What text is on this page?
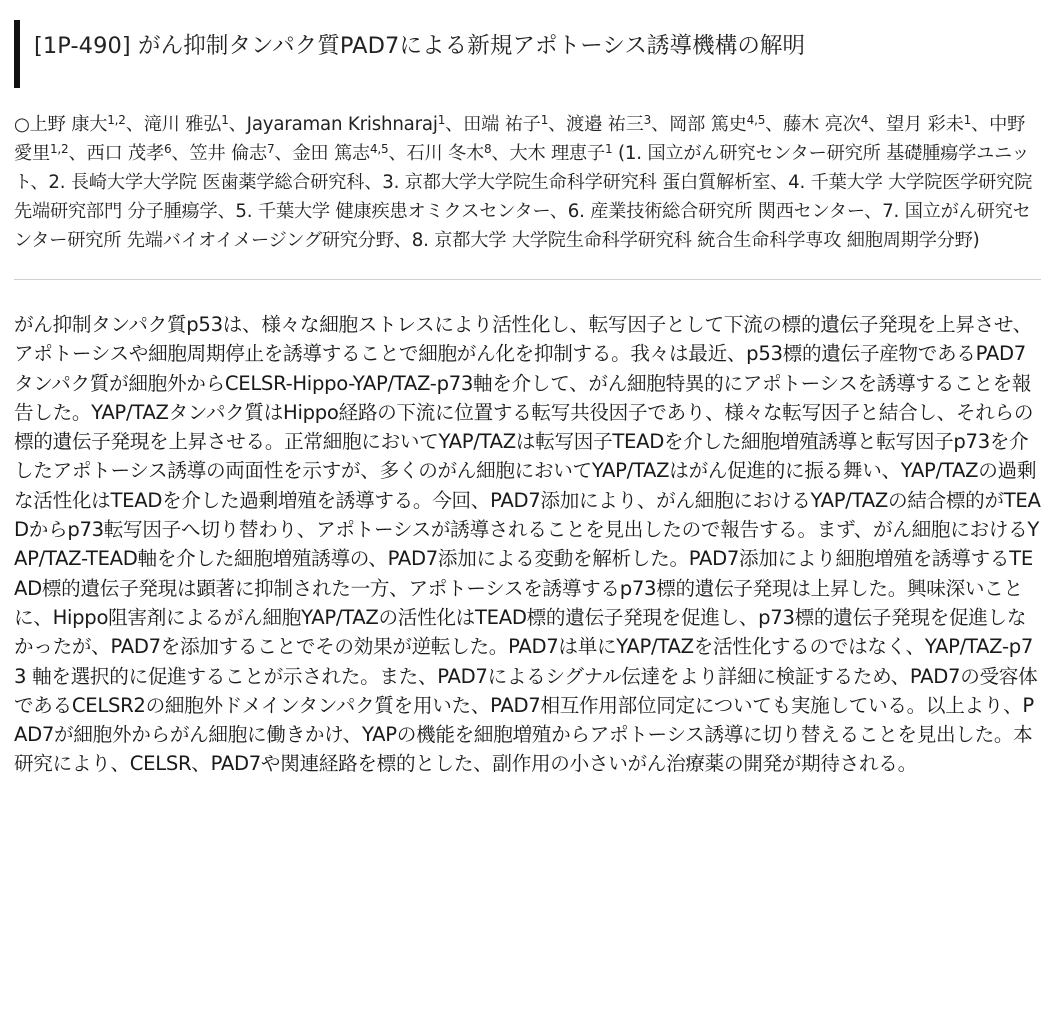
[1P-490] がん抑制タンパク質PAD7による新規アポトーシス誘導機構の解明
○上野 康大$^{1,2}$、滝川 雅弘$^1$、Jayaraman Krishnaraj$^1$、田端 祐子$^1$、渡邉 祐三$^3$、岡部 篤史$^{4,5}$、藤木 亮次$^4$、望月 彩未$^1$、中野 愛里$^{1,2}$、西口 茂孝$^6$、笠井 倫志$^7$、金田 篤志$^{4,5}$、石川 冬木$^8$、大木 理恵子$^1$ (1. 国立がん研究センター研究所 基礎腫瘍学ユニット、2. 長崎大学大学院 医歯薬学総合研究科、3. 京都大学大学院生命科学研究科 蛋白質解析室、4. 千葉大学 大学院医学研究院 先端研究部門 分子腫瘍学、5. 千葉大学 健康疾患オミクスセンター、6. 産業技術総合研究所 関西センター、7. 国立がん研究センター研究所 先端バイオイメージング研究分野、8. 京都大学 大学院生命科学研究科 統合生命科学専攻 細胞周期学分野)
がん抑制タンパク質p53は、様々な細胞ストレスにより活性化し、転写因子として下流の標的遺伝子発現を上昇させ、アポトーシスや細胞周期停止を誘導することで細胞がん化を抑制する。我々は最近、p53標的遺伝子産物であるPAD7タンパク質が細胞外からCELSR-Hippo-YAP/TAZ-p73軸を介して、がん細胞特異的にアポトーシスを誘導することを報告した。YAP/TAZタンパク質はHippo経路の下流に位置する転写共役因子であり、様々な転写因子と結合し、それらの標的遺伝子発現を上昇させる。正常細胞においてYAP/TAZは転写因子TEADを介した細胞増殖誘導と転写因子p73を介したアポトーシス誘導の両面性を示すが、多くのがん細胞においてYAP/TAZはがん促進的に振る舞い、YAP/TAZの過剰な活性化はTEADを介した過剰増殖を誘導する。今回、PAD7添加により、がん細胞におけるYAP/TAZの結合標的がTEADからp73転写因子へ切り替わり、アポトーシスが誘導されることを見出したので報告する。まず、がん細胞におけるYAP/TAZ-TEAD軸を介した細胞増殖誘導の、PAD7添加による変動を解析した。PAD7添加により細胞増殖を誘導するTEAD標的遺伝子発現は顕著に抑制された一方、アポトーシスを誘導するp73標的遺伝子発現は上昇した。興味深いことに、Hippo阻害剤によるがん細胞YAP/TAZの活性化はTEAD標的遺伝子発現を促進し、p73標的遺伝子発現を促進しなかったが、PAD7を添加することでその効果が逆転した。PAD7は単にYAP/TAZを活性化するのではなく、YAP/TAZ-p73 軸を選択的に促進することが示された。また、PAD7によるシグナル伝達をより詳細に検証するため、PAD7の受容体であるCELSR2の細胞外ドメインタンパク質を用いた、PAD7相互作用部位同定についても実施している。以上より、PAD7が細胞外からがん細胞に働きかけ、YAPの機能を細胞増殖からアポトーシス誘導に切り替えることを見出した。本研究により、CELSR、PAD7や関連経路を標的とした、副作用の小さいがん治療薬の開発が期待される。
